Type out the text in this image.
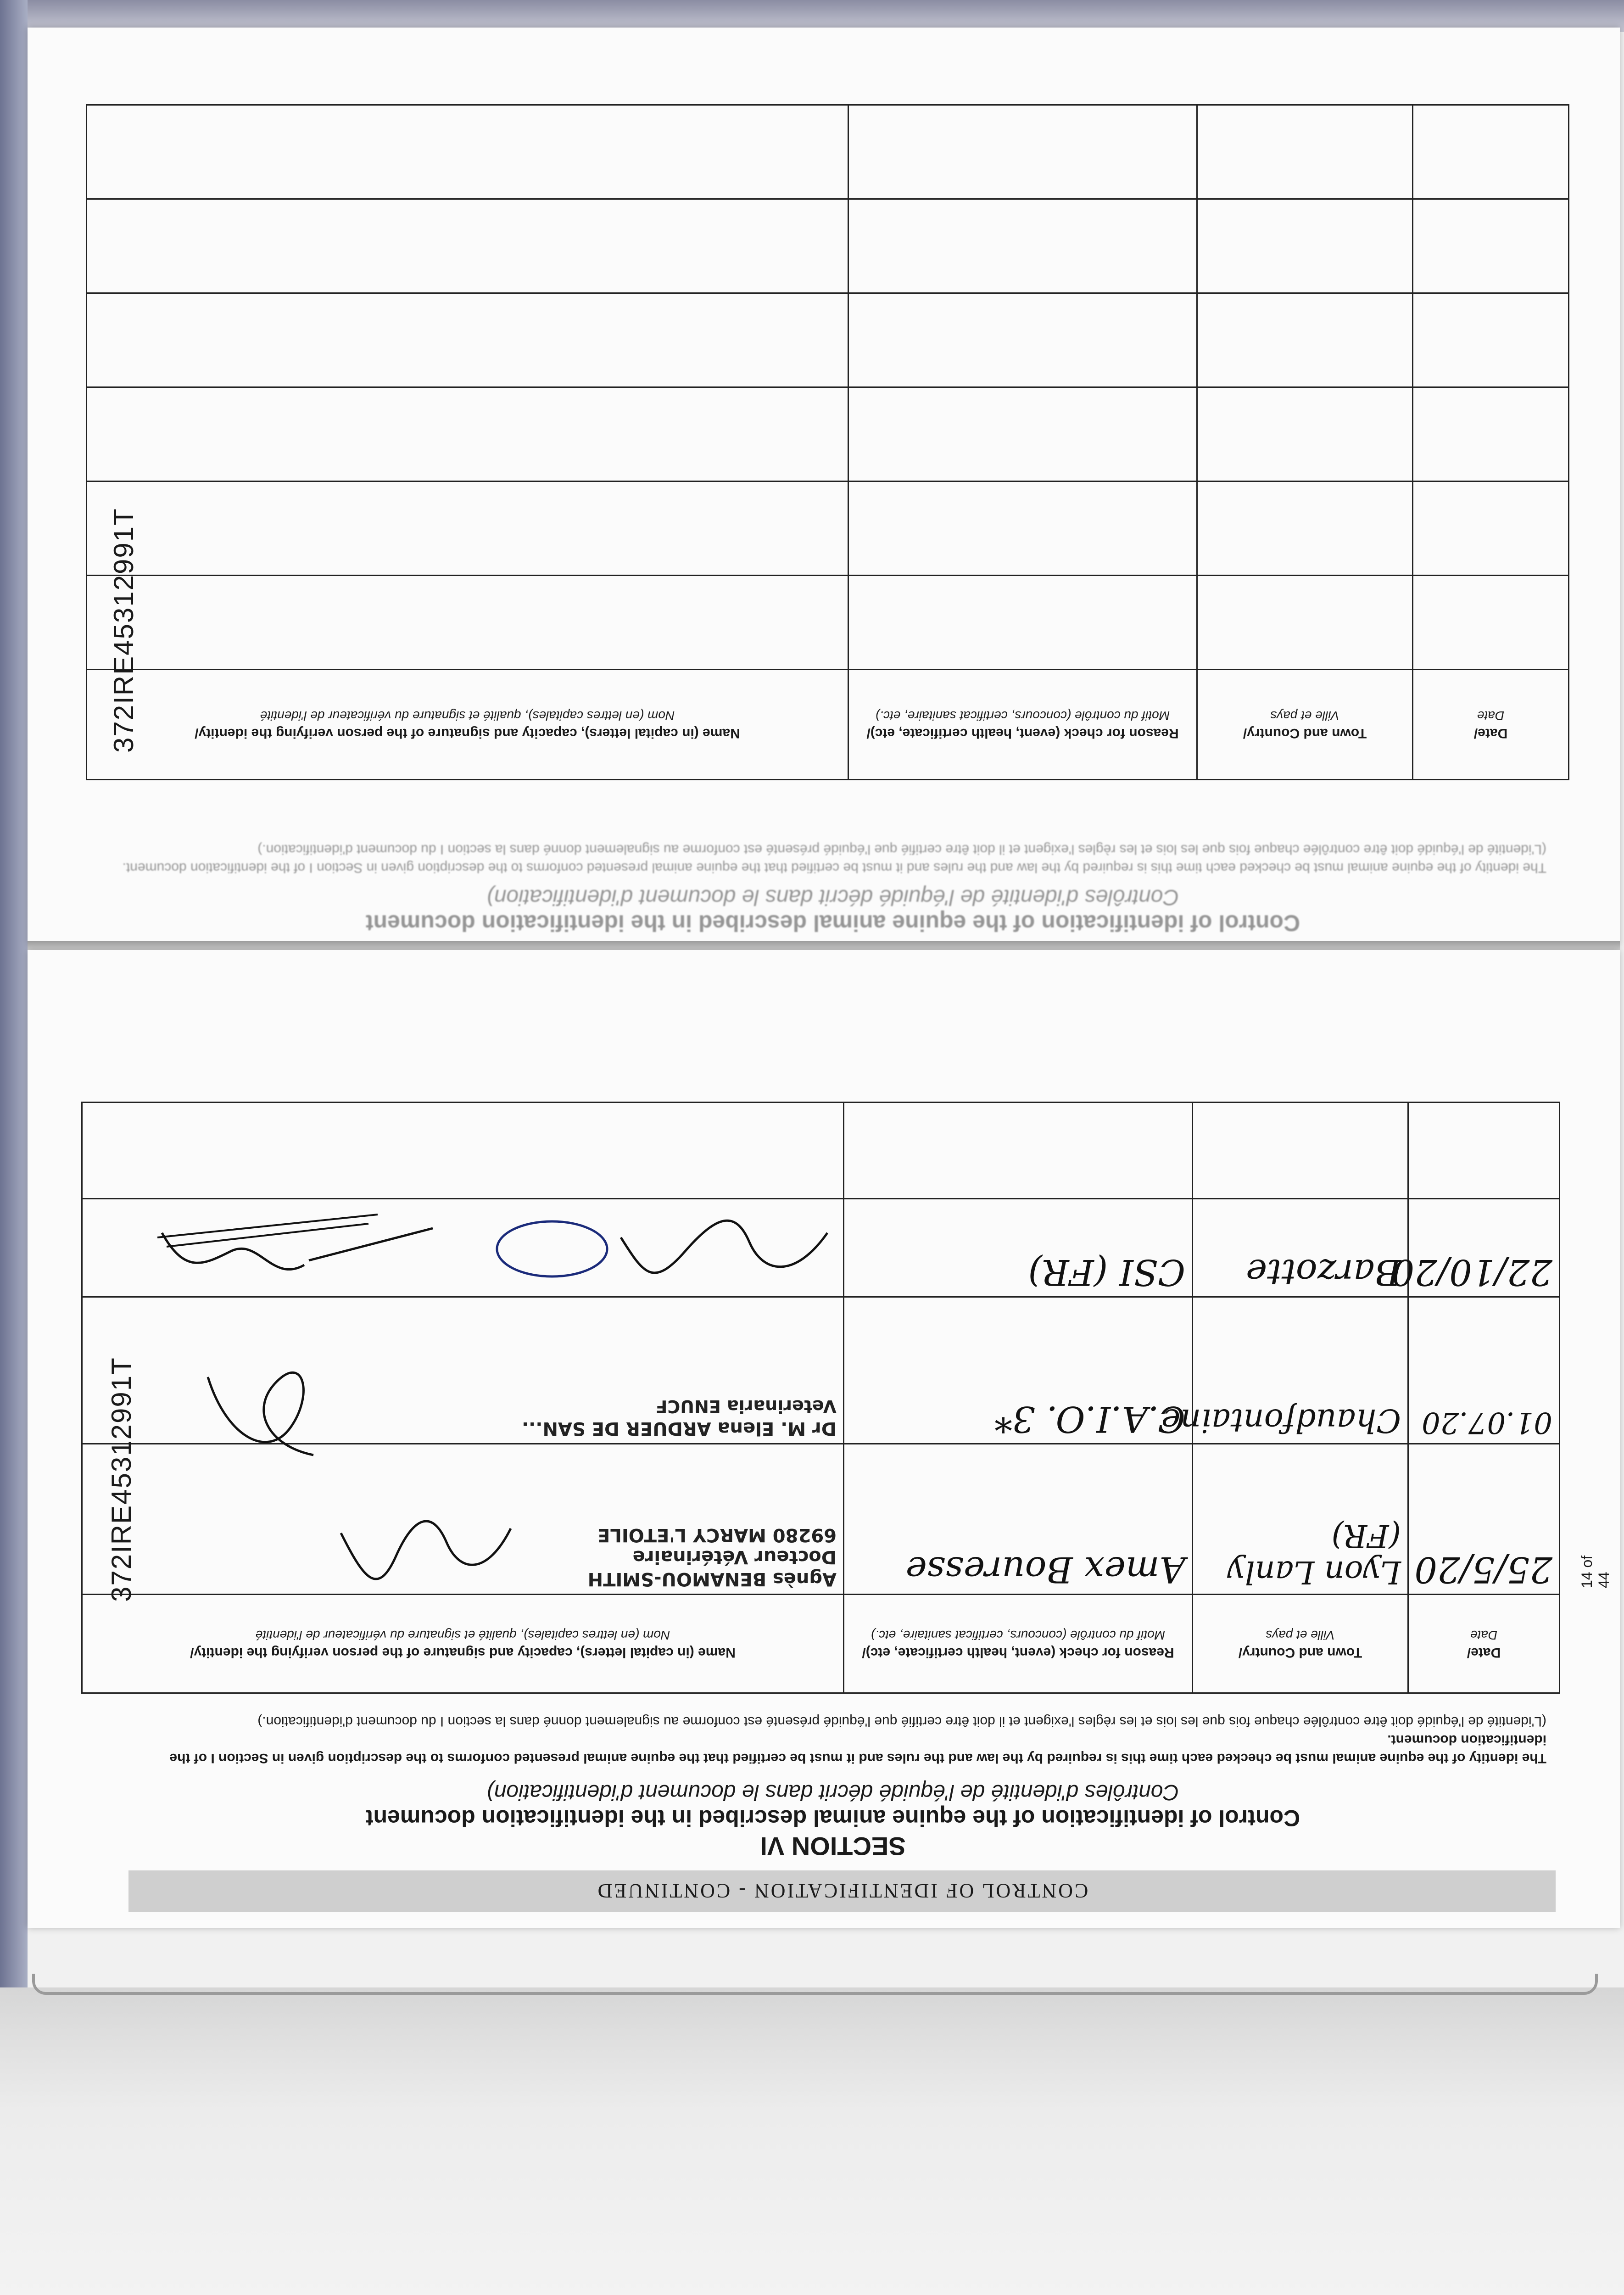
Control of identification of the equine animal described in the identification document
Contrôles d'identité de l'équidé décrit dans le document d'identification)
The identity of the equine animal must be checked each time this is required by the law and the rules and it must be certified that the equine animal presented conforms to the description given in Section I of the identification document. (L'identité de l'équidé doit être contrôlée chaque fois que les lois et les règles l'exigent et il doit être certifié que l'équidé présenté est conforme au signalement donné dans la section I du document d'identification.)
Date/
Date	Town and Country/
Ville et pays	Reason for check (event, health certificate, etc)/
Motif du contrôle (concours, certificat sanitaire, etc.)	Name (in capital letters), capacity and signature of the person verifying the identity/
Nom (en lettres capitales), qualité et signature du vérificateur de l'identité

372IRE45312991T
CONTROL OF IDENTIFICATION - CONTINUED
SECTION VI
Control of identification of the equine animal described in the identification document
Contrôles d'identité de l'équidé décrit dans le document d'identification)
The identity of the equine animal must be checked each time this is required by the law and the rules and it must be certified that the equine animal presented conforms to the description given in Section I of the identification document.
(L'identité de l'équidé doit être contrôlée chaque fois que les lois et les règles l'exigent et il doit être certifié que l'équidé présenté est conforme au signalement donné dans la section I du document d'identification.)
Date/
Date	Town and Country/
Ville et pays	Reason for check (event, health certificate, etc)/
Motif du contrôle (concours, certificat sanitaire, etc.)	Name (in capital letters), capacity and signature of the person verifying the identity/
Nom (en lettres capitales), qualité et signature du vérificateur de l'identité

25/5/20	Lyon Lanly (FR)	Amex Bouresse	Agnès BENAMOU-SMITH
Docteur Vétérinaire
69280 MARCY L'ETOILE

01.07.20	Chaudfontaine	C.A.I.O. 3*	Dr M. Elena ARDUER DE SAN...
Veterinaria ENUCF

22/10/20	Barzotte	CSI (FR)	

372IRE45312991T	14 of 44
